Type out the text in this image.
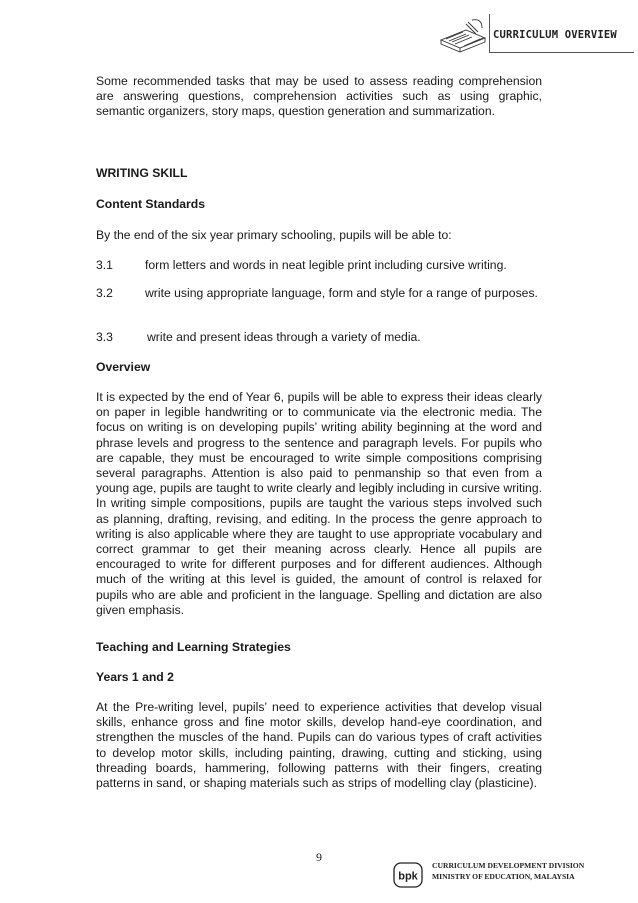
CURRICULUM OVERVIEW

Some recommended tasks that may be used to assess reading comprehension are answering questions, comprehension activities such as using graphic, semantic organizers, story maps, question generation and summarization.

WRITING SKILL
Content Standards
By the end of the six year primary schooling, pupils will be able to:
3.1	form letters and words in neat legible print including cursive writing.
3.2	write using appropriate language, form and style for a range of purposes.
3.3	write and present ideas through a variety of media.
Overview
It is expected by the end of Year 6, pupils will be able to express their ideas clearly on paper in legible handwriting or to communicate via the electronic media. The focus on writing is on developing pupils’ writing ability beginning at the word and phrase levels and progress to the sentence and paragraph levels. For pupils who are capable, they must be encouraged to write simple compositions comprising several paragraphs. Attention is also paid to penmanship so that even from a young age, pupils are taught to write clearly and legibly including in cursive writing. In writing simple compositions, pupils are taught the various steps involved such as planning, drafting, revising, and editing. In the process the genre approach to writing is also applicable where they are taught to use appropriate vocabulary and correct grammar to get their meaning across clearly. Hence all pupils are encouraged to write for different purposes and for different audiences. Although much of the writing at this level is guided, the amount of control is relaxed for pupils who are able and proficient in the language. Spelling and dictation are also given emphasis.
Teaching and Learning Strategies
Years 1 and 2
At the Pre-writing level, pupils’ need to experience activities that develop visual skills, enhance gross and fine motor skills, develop hand-eye coordination, and strengthen the muscles of the hand. Pupils can do various types of craft activities to develop motor skills, including painting, drawing, cutting and sticking, using threading boards, hammering, following patterns with their fingers, creating patterns in sand, or shaping materials such as strips of modelling clay (plasticine).
9
bpk
CURRICULUM DEVELOPMENT DIVISION
MINISTRY OF EDUCATION, MALAYSIA
